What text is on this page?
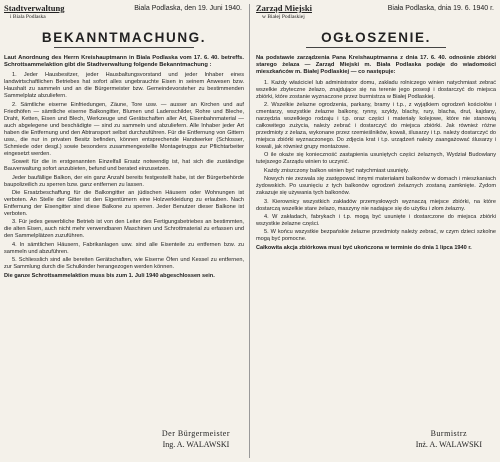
Stadtverwaltung
i Biala Podlaska
Biala Podlaska, den 19. Juni 1940.
BEKANNTMACHUNG.
Laut Anordnung des Herrn Kreishauptmann in Biala Podlaska vom 17. 6. 40. betreffs. Schrottsammelaktion gibt die Stadtverwaltung folgende Bekanntmachung :
1. Jeder Hausbesitzer, jeder Hausbaltungsvorstand und jeder Inhaber eines landwirtschaftlichen Betriebes hat sofort alles ungebrauchte Eisen in seinem Anwesen bzw. Haushalt zu sammeln und an die Bürgermeister bzw. Gemeindevorsteher zu bestimmenden Sammelplatz abzuliefern.
2. Sämtliche eiserne Einfriedungen, Zäune, Tore usw. — ausser an Kirchen und auf Friedhöfen — sämtliche eiserne Balkongitter, Blumen und Ladenschilder, Rohre und Bleche, Draht, Ketten, Eisen und Blech, Werkzeuge und Gerätschaften aller Art, Eisenbahnmaterial — auch abgelegene und beschädigte — sind zu sammeln und abzuliefern. Alle Inhaber jeder Art haben die Entfernung und den Abtransport selbst durchzuführen. Für die Entfernung von Gittern usw., die nur in privaten Besitz befinden, können entsprechende Handwerker (Schlosser, Schmiede oder desgl.) sowie besonders zusammengestellte Montagetrupps zur Pflichtarbeiter eingesetzt werden.
Soweit für die in erstgenannten Einzelfall Ersatz notwendig ist, hat sich die zuständige Bauverwaltung sofort anzubieten, befund und berated einzusetzen.
Jeder baufällige Balkon, der ein ganz Anzahl bereits festgestellt habe, ist der Bürgerbehörde baupolizeilich zu sperren bzw. ganz entfernen zu lassen.
Die Ersatzbeschaffung für die Balkongitter an jüdischen Häusern oder Wohnungen ist verboten. An Stelle der Gitter ist den Eigentümern eine Holzverkleidung zu erlauben. Nach Entfernung der Eisengitter sind diese Balkone zu sperren. Jeder Benutzer dieser Balkone ist verboten.
3. Für jedes gewerbliche Betrieb ist von den Leiter des Fertigungsbetriebes an bestimmten, die alten Eisen, auch nicht mehr verwendbaren Maschinen und Schrottmaterial zu erfassen und den Sammelplätzen zuzuführen.
4. In sämtlichen Häusern, Fabrikanlagen usw. sind alle Eisenteile zu entfernen bzw. zu sammeln und abzuführen.
5. Schliesslich sind alle bereiten Gerätschaften, wie Eiserne Öfen und Kessel zu entfernen, zur Sammlung durch die Schulkinder herangezogen werden können.
Die ganze Schrottsammelaktion muss bis zum 1. Juli 1940 abgeschlossen sein.
Der Bürgermeister
Ing. A. WALAWSKI
Zarząd Miejski
w Białej Podlaskiej
Biała Podlaska, dnia 19. 6. 1940 r.
OGŁOSZENIE.
Na podstawie zarządzenia Pana Kreishauptmanna z dnia 17. 6. 40. odnośnie zbiórki starego żelaza — Zarząd Miejski m. Biała Podlaska podaje do wiadomości mieszkańców m. Białej Podlaskiej — co następuje:
1. Każdy właściciel lub administrator domu, zakładu rolniczego winien natychmiast zebrać wszelkie zbyteczne żelazo, znajdujące się na terenie jego posesji i dostarczyć do miejsca zbiórki, które zostanie wyznaczone przez burmistrza w Białej Podlaskiej.
2. Wszelkie żelazne ogrodzenia, parkany, bramy i t.p., z wyjątkiem ogrodzeń kościołów i cmentarzy, wszystkie żelazne balkony, rynny, szyldy, blachy, rury, blacha, drut, kajdany, narzędzia wszelkiego rodzaju i t.p. oraz części i materiały kolejowe, które nie stanowią całkowitego zużycia, należy zebrać i dostarczyć do miejsca zbiórki. Jak również różne przedmioty z żelaza, wykonane przez rzemieślników, kowali, ślusarzy i t.p. należy dostarczyć do miejsca zbiórki wyznaczonego. Do zdjęcia krat i t.p. urządzeń należy zaangażować ślusarzy i kowali, jak również grupy montażowe.
O ile okaże się konieczność zastąpienia usuniętych części żelaznych, Wydział Budowlany tutejszego Zarządu winien to uczynić.
Każdy zniszczony balkon winien być natychmiast usunięty.
Nowych nie zezwala się zastępować innymi materiałami balkonów w domach i mieszkaniach żydowskich. Po usunięciu z tych balkonów ogrodzeń żelaznych zostaną zamknięte. Zydom zakazuje się używania tych balkonów.
3. Kierownicy wszystkich zakładów przemysłowych wyznaczą miejsce zbiórki, na które dostarczą wszelkie stare żelazo, maszyny nie nadające się do użytku i złom żelazny.
4. W zakładach, fabrykach i t.p. mogą być usunięte i dostarczone do miejsca zbiórki wszystkie żelazne części.
5. W końcu wszystkie bezpańskie żelazne przedmioty należy zebrać, w czym dzieci szkolne mogą być pomocne.
Całkowita akcja zbiórkowa musi być ukończona w terminie do dnia 1 lipca 1940 r.
Burmistrz
Inż. A. WALAWSKI
